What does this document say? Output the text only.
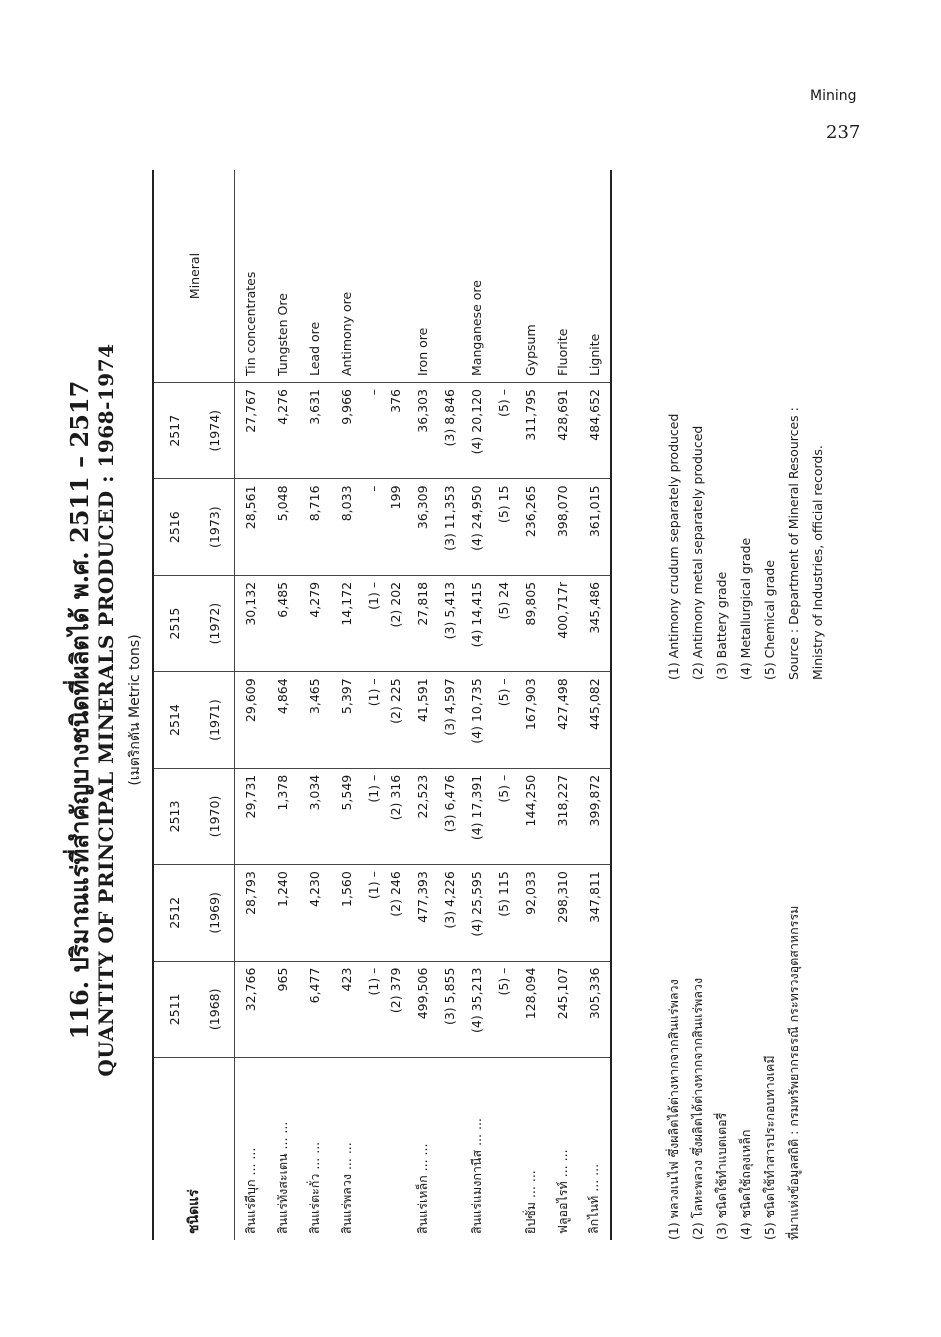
Mining
237
116. ปริมาณแร่ที่สำคัญบางชนิดที่ผลิตได้ พ.ศ. 2511 – 2517 QUANTITY OF PRINCIPAL MINERALS PRODUCED : 1968-1974 (เมตริกตัน Metric tons)
ชนิดแร่	2511	2512	2513	2514	2515	2516	2517	Mineral
	(1968)	(1969)	(1970)	(1971)	(1972)	(1973)	(1974)	
สินแร่ดีบุก ... ...	32,766	28,793	29,731	29,609	30,132	28,561	27,767	Tin concentrates
สินแร่ทังสะเตน ... ...	965	1,240	1,378	4,864	6,485	5,048	4,276	Tungsten Ore
สินแร่ตะกั่ว ... ...	6,477	4,230	3,034	3,465	4,279	8,716	3,631	Lead ore
สินแร่พลวง ... ...	423	1,560	5,549	5,397	14,172	8,033	9,966	Antimony ore
	(1) –	(1) –	(1) –	(1) –	(1) –	–	–	
	(2) 379	(2) 246	(2) 316	(2) 225	(2) 202	199	376	
สินแร่เหล็ก ... ...	499,506	477,393	22,523	41,591	27,818	36,309	36,303	Iron ore
	(3) 5,855	(3) 4,226	(3) 6,476	(3) 4,597	(3) 5,413	(3) 11,353	(3) 8,846	
สินแร่แมงกานีส ... ...	(4) 35,213	(4) 25,595	(4) 17,391	(4) 10,735	(4) 14,415	(4) 24,950	(4) 20,120	Manganese ore
	(5) –	(5) 115	(5) –	(5) –	(5) 24	(5) 15	(5) –	
ยิปซั่ม ... ...	128,094	92,033	144,250	167,903	89,805	236,265	311,795	Gypsum
ฟลูออไรท์ ... ...	245,107	298,310	318,227	427,498	400,717r	398,070	428,691	Fluorite
ลิกไนท์ ... ...	305,336	347,811	399,872	445,082	345,486	361,015	484,652	Lignite
(1) พลวงเนไฟ ซึ่งผลิตได้ต่างหากจากสินแร่พลวง (2) โลหะพลวง ซึ่งผลิตได้ต่างหากจากสินแร่พลวง (3) ชนิดใช้ทำแบตเตอรี่ (4) ชนิดใช้ถลุงเหล็ก (5) ชนิดใช้ทำสารประกอบทางเคมี ที่มาแห่งข้อมูลสถิติ : กรมทรัพยากรธรณี กระทรวงอุตสาหกรรม
(1) Antimony crudum separately produced (2) Antimony metal separately produced (3) Battery grade (4) Metallurgical grade (5) Chemical grade Source : Department of Mineral Resources : Ministry of Industries, official records.
